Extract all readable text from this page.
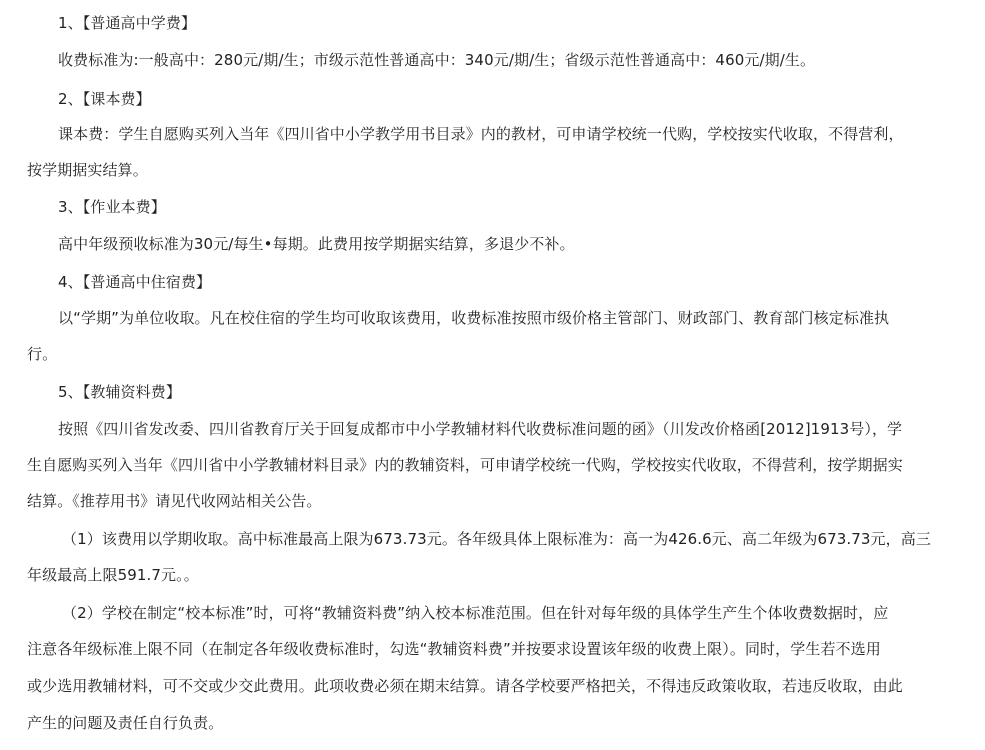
1、【普通高中学费】
收费标准为:一般高中：280元/期/生；市级示范性普通高中：340元/期/生；省级示范性普通高中：460元/期/生。
2、【课本费】
课本费：学生自愿购买列入当年《四川省中小学教学用书目录》内的教材，可申请学校统一代购，学校按实代收取，不得营利，
按学期据实结算。
3、【作业本费】
高中年级预收标准为30元/每生•每期。此费用按学期据实结算，多退少不补。
4、【普通高中住宿费】
以“学期”为单位收取。凡在校住宿的学生均可收取该费用，收费标准按照市级价格主管部门、财政部门、教育部门核定标准执
行。
5、【教辅资料费】
按照《四川省发改委、四川省教育厅关于回复成都市中小学教辅材料代收费标准问题的函》（川发改价格函[2012]1913号），学
生自愿购买列入当年《四川省中小学教辅材料目录》内的教辅资料，可申请学校统一代购，学校按实代收取，不得营利，按学期据实
结算。《推荐用书》请见代收网站相关公告。
（1）该费用以学期收取。高中标准最高上限为673.73元。各年级具体上限标准为：高一为426.6元、高二年级为673.73元，高三
年级最高上限591.7元。。
（2）学校在制定“校本标准”时，可将“教辅资料费”纳入校本标准范围。但在针对每年级的具体学生产生个体收费数据时，应
注意各年级标准上限不同（在制定各年级收费标准时，勾选“教辅资料费”并按要求设置该年级的收费上限）。同时，学生若不选用
或少选用教辅材料，可不交或少交此费用。此项收费必须在期末结算。请各学校要严格把关，不得违反政策收取，若违反收取，由此
产生的问题及责任自行负责。
